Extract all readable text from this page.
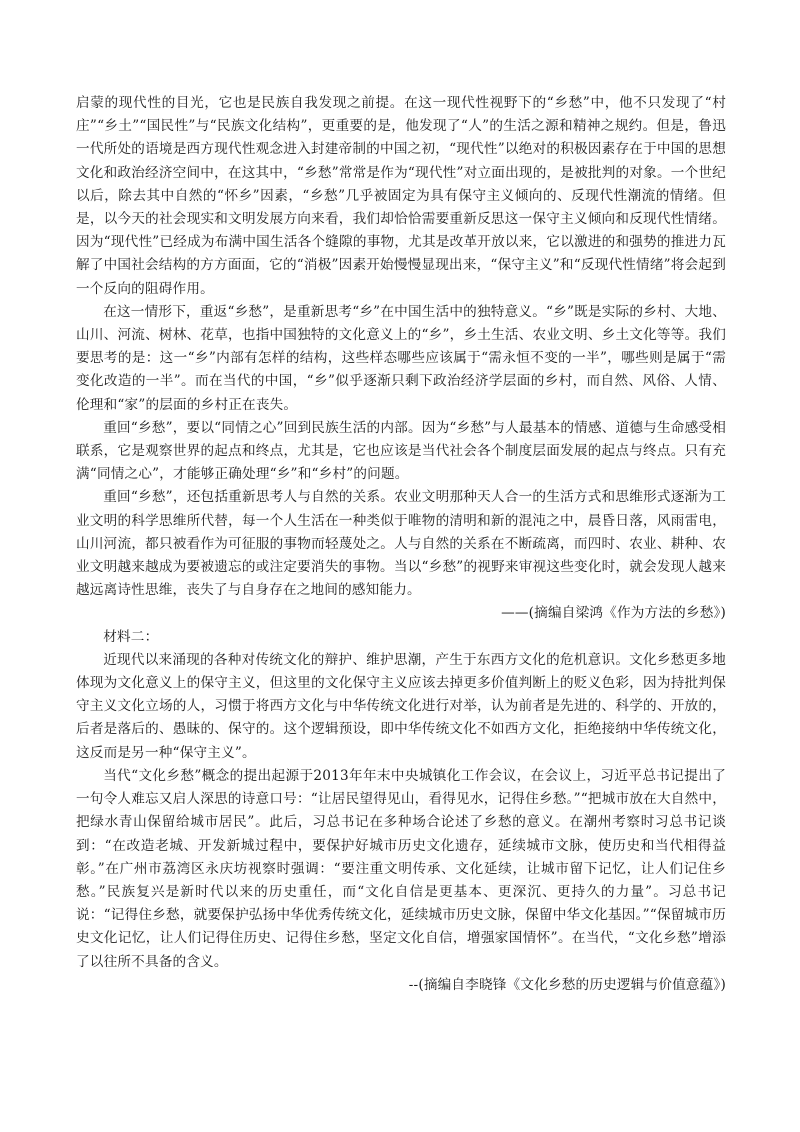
启蒙的现代性的目光，它也是民族自我发现之前提。在这一现代性视野下的“乡愁”中，他不只发现了“村庄”“乡土”“国民性”与“民族文化结构”，更重要的是，他发现了“人”的生活之源和精神之规约。但是，鲁迅一代所处的语境是西方现代性观念进入封建帝制的中国之初，“现代性”以绝对的积极因素存在于中国的思想文化和政治经济空间中，在这其中，“乡愁”常常是作为“现代性”对立面出现的，是被批判的对象。一个世纪以后，除去其中自然的“怀乡”因素，“乡愁”几乎被固定为具有保守主义倾向的、反现代性潮流的情绪。但是，以今天的社会现实和文明发展方向来看，我们却恰恰需要重新反思这一保守主义倾向和反现代性情绪。因为“现代性”已经成为布满中国生活各个缝隙的事物，尤其是改革开放以来，它以激进的和强势的推进力瓦解了中国社会结构的方方面面，它的“消极”因素开始慢慢显现出来，“保守主义”和“反现代性情绪”将会起到一个反向的阻碍作用。

在这一情形下，重返“乡愁”，是重新思考“乡”在中国生活中的独特意义。“乡”既是实际的乡村、大地、山川、河流、树林、花草，也指中国独特的文化意义上的“乡”，乡土生活、农业文明、乡土文化等等。我们要思考的是：这一“乡”内部有怎样的结构，这些样态哪些应该属于“需永恒不变的一半”，哪些则是属于“需变化改造的一半”。而在当代的中国，“乡”似乎逐渐只剩下政治经济学层面的乡村，而自然、风俗、人情、伦理和“家”的层面的乡村正在丧失。

重回“乡愁”，要以“同情之心”回到民族生活的内部。因为“乡愁”与人最基本的情感、道德与生命感受相联系，它是观察世界的起点和终点，尤其是，它也应该是当代社会各个制度层面发展的起点与终点。只有充满“同情之心”，才能够正确处理“乡”和“乡村”的问题。

重回“乡愁”，还包括重新思考人与自然的关系。农业文明那种天人合一的生活方式和思维形式逐渐为工业文明的科学思维所代替，每一个人生活在一种类似于唯物的清明和新的混沌之中，晨昏日落，风雨雷电，山川河流，都只被看作为可征服的事物而轻蔑处之。人与自然的关系在不断疏离，而四时、农业、耕种、农业文明越来越成为要被遗忘的或注定要消失的事物。当以“乡愁”的视野来审视这些变化时，就会发现人越来越远离诗性思维，丧失了与自身存在之地间的感知能力。

——(摘编自梁鸿《作为方法的乡愁》)

材料二：

近现代以来涌现的各种对传统文化的辩护、维护思潮，产生于东西方文化的危机意识。文化乡愁更多地体现为文化意义上的保守主义，但这里的文化保守主义应该去掉更多价值判断上的贬义色彩，因为持批判保守主义文化立场的人，习惯于将西方文化与中华传统文化进行对举，认为前者是先进的、科学的、开放的，后者是落后的、愚昧的、保守的。这个逻辑预设，即中华传统文化不如西方文化，拒绝接纳中华传统文化，这反而是另一种“保守主义”。

当代“文化乡愁”概念的提出起源于2013年年末中央城镇化工作会议，在会议上，习近平总书记提出了一句令人难忘又启人深思的诗意口号：“让居民望得见山，看得见水，记得住乡愁。”“把城市放在大自然中，把绿水青山保留给城市居民”。此后，习总书记在多种场合论述了乡愁的意义。在潮州考察时习总书记谈到：“在改造老城、开发新城过程中，要保护好城市历史文化遗存，延续城市文脉，使历史和当代相得益彰。”在广州市荔湾区永庆坊视察时强调：“要注重文明传承、文化延续，让城市留下记忆，让人们记住乡愁。”民族复兴是新时代以来的历史重任，而“文化自信是更基本、更深沉、更持久的力量”。习总书记说：“记得住乡愁，就要保护弘扬中华优秀传统文化，延续城市历史文脉，保留中华文化基因。”“保留城市历史文化记忆，让人们记得住历史、记得住乡愁，坚定文化自信，增强家国情怀”。在当代，“文化乡愁”增添了以往所不具备的含义。

--(摘编自李晓锋《文化乡愁的历史逻辑与价值意蕴》)
